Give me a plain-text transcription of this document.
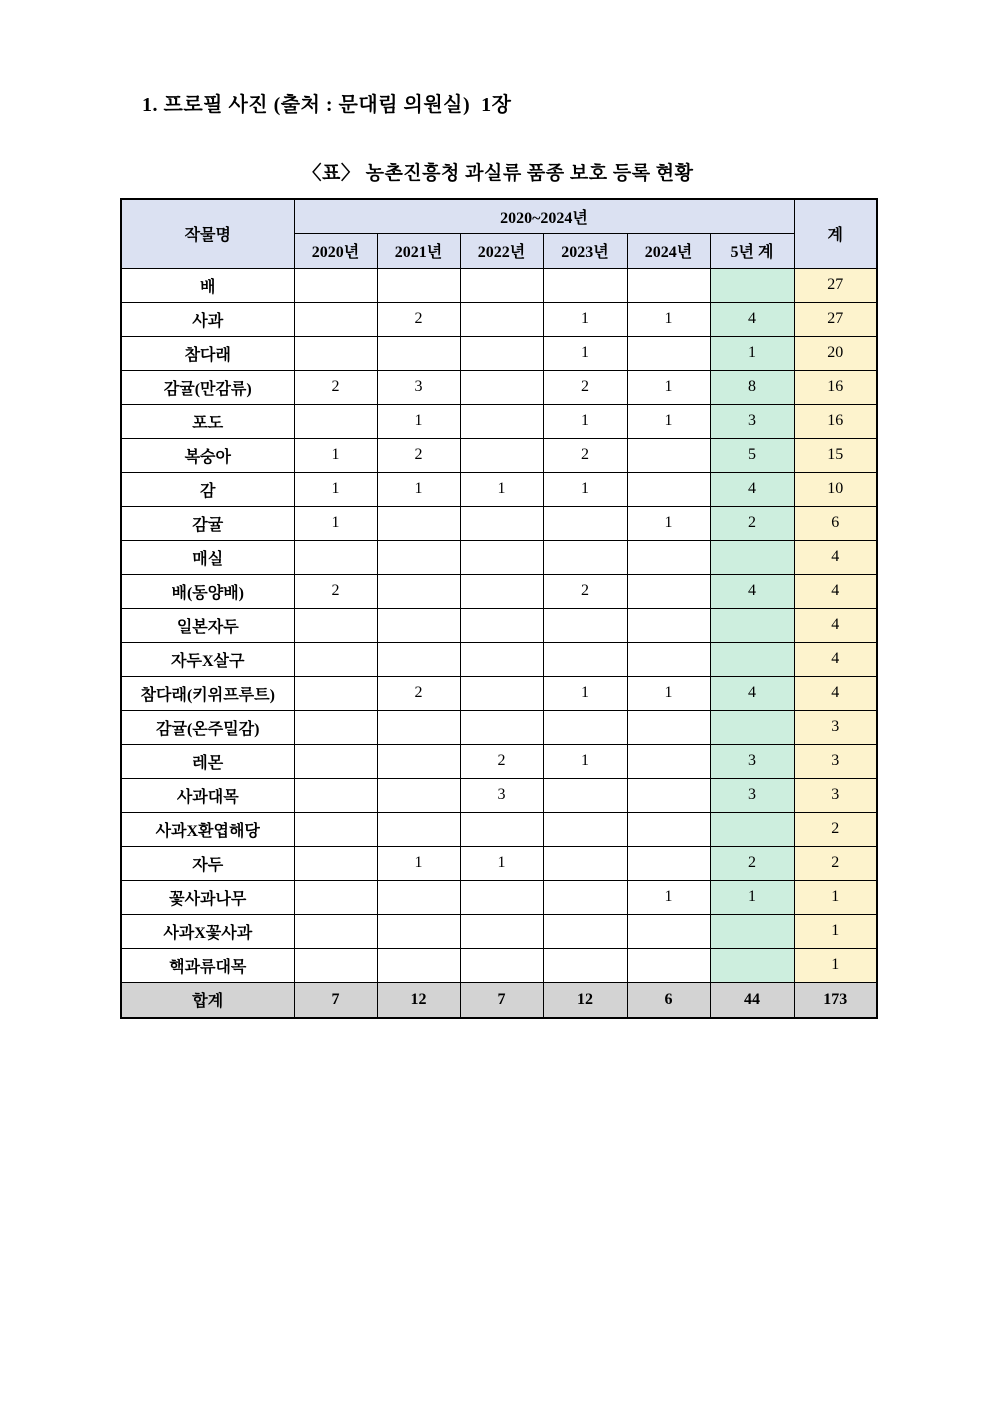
1. 프로필 사진 (출처 : 문대림 의원실)  1장
〈표〉 농촌진흥청 과실류 품종 보호 등록 현황
작물명	2020~2024년						계
	2020년	2021년	2022년	2023년	2024년	5년 계	
배							27
사과		2		1	1	4	27
참다래				1		1	20
감귤(만감류)	2	3		2	1	8	16
포도		1		1	1	3	16
복숭아	1	2		2		5	15
감	1	1	1	1		4	10
감귤	1				1	2	6
매실							4
배(동양배)	2			2		4	4
일본자두							4
자두X살구							4
참다래(키위프루트)		2		1	1	4	4
감귤(온주밀감)							3
레몬			2	1		3	3
사과대목			3			3	3
사과X환엽해당							2
자두		1	1			2	2
꽃사과나무					1	1	1
사과X꽃사과							1
핵과류대목							1
합계	7	12	7	12	6	44	173
